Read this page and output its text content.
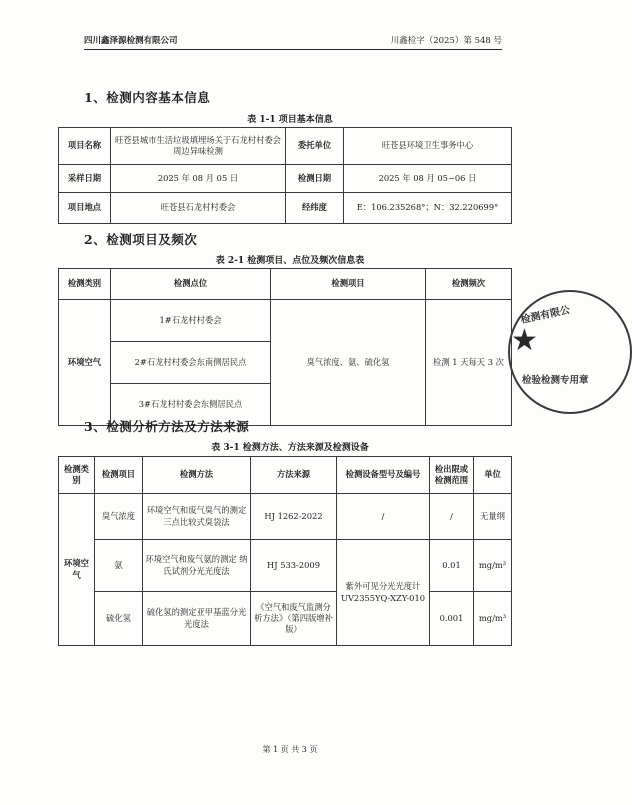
四川鑫泽源检测有限公司	川鑫检字（2025）第 548 号
1、检测内容基本信息
表 1-1 项目基本信息
项目名称	旺苍县城市生活垃圾填埋场关于石龙村村委会周边异味检测	委托单位	旺苍县环境卫生事务中心
采样日期	2025 年 08 月 05 日	检测日期	2025 年 08 月 05~06 日
项目地点	旺苍县石龙村村委会	经纬度	E：106.235268°；N：32.220699°
2、检测项目及频次
表 2-1 检测项目、点位及频次信息表
检测类别	检测点位	检测项目	检测频次
环境空气	1#石龙村村委会	臭气浓度、氨、硫化氢	检测 1 天每天 3 次
	2#石龙村村委会东南侧居民点		
	3#石龙村村委会东侧居民点		
3、检测分析方法及方法来源
表 3-1 检测方法、方法来源及检测设备
检测类别	检测项目	检测方法	方法来源	检测设备型号及编号	检出限或检测范围	单位
环境空气	臭气浓度	环境空气和废气臭气的测定 三点比较式臭袋法	HJ 1262-2022	/	/	无量纲
	氨	环境空气和废气氨的测定 纳氏试剂分光光度法	HJ 533-2009	紫外可见分光光度计UV2355YQ-XZY-010	0.01	mg/m³
	硫化氢	硫化氢的测定亚甲基蓝分光光度法	《空气和废气监测分析方法》（第四版增补版）		0.001	mg/m³
★
检测有限公
检验检测专用章
第 1 页 共 3 页
